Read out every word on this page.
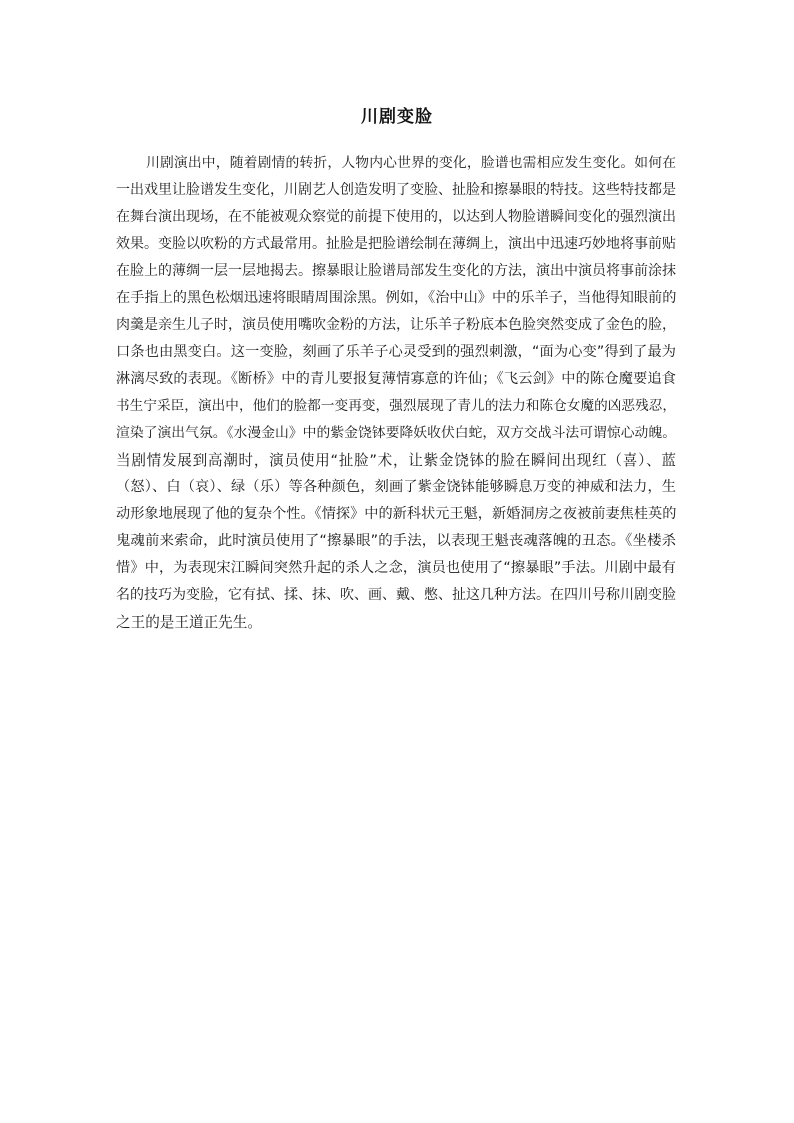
川剧变脸
川剧演出中，随着剧情的转折，人物内心世界的变化，脸谱也需相应发生变化。如何在
一出戏里让脸谱发生变化，川剧艺人创造发明了变脸、扯脸和擦暴眼的特技。这些特技都是
在舞台演出现场，在不能被观众察觉的前提下使用的，以达到人物脸谱瞬间变化的强烈演出
效果。变脸以吹粉的方式最常用。扯脸是把脸谱绘制在薄绸上，演出中迅速巧妙地将事前贴
在脸上的薄绸一层一层地揭去。擦暴眼让脸谱局部发生变化的方法，演出中演员将事前涂抹
在手指上的黑色松烟迅速将眼睛周围涂黑。例如，《治中山》中的乐羊子，当他得知眼前的
肉羹是亲生儿子时，演员使用嘴吹金粉的方法，让乐羊子粉底本色脸突然变成了金色的脸，
口条也由黑变白。这一变脸，刻画了乐羊子心灵受到的强烈刺激，“面为心变”得到了最为
淋漓尽致的表现。《断桥》中的青儿要报复薄情寡意的许仙；《飞云剑》中的陈仓魔要追食
书生宁采臣，演出中，他们的脸都一变再变，强烈展现了青儿的法力和陈仓女魔的凶恶残忍，
渲染了演出气氛。《水漫金山》中的紫金饶钵要降妖收伏白蛇，双方交战斗法可谓惊心动魄。
当剧情发展到高潮时，演员使用“扯脸”术，让紫金饶钵的脸在瞬间出现红（喜）、蓝
（怒）、白（哀）、绿（乐）等各种颜色，刻画了紫金饶钵能够瞬息万变的神威和法力，生
动形象地展现了他的复杂个性。《情探》中的新科状元王魁，新婚洞房之夜被前妻焦桂英的
鬼魂前来索命，此时演员使用了“擦暴眼”的手法，以表现王魁丧魂落魄的丑态。《坐楼杀
惜》中，为表现宋江瞬间突然升起的杀人之念，演员也使用了“擦暴眼”手法。川剧中最有
名的技巧为变脸，它有拭、揉、抹、吹、画、戴、憋、扯这几种方法。在四川号称川剧变脸
之王的是王道正先生。
